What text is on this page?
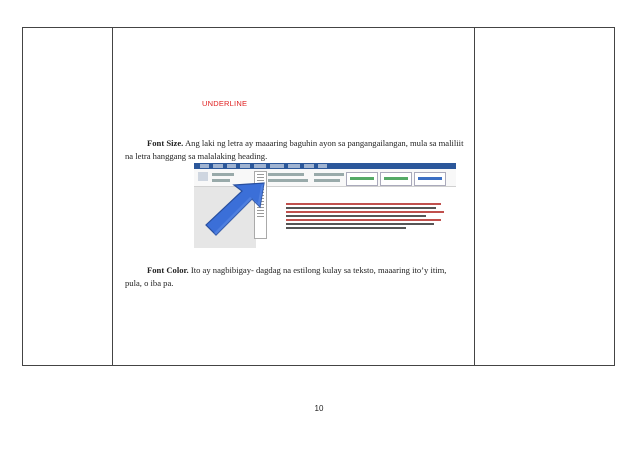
UNDERLINE
Font Size. Ang laki ng letra ay maaaring baguhin ayon sa pangangailangan, mula sa maliliit na letra hanggang sa malalaking heading.
Font Color. Ito ay nagbibigay- dagdag na estilong kulay sa teksto, maaaring ito’y itim, pula, o iba pa.
10
